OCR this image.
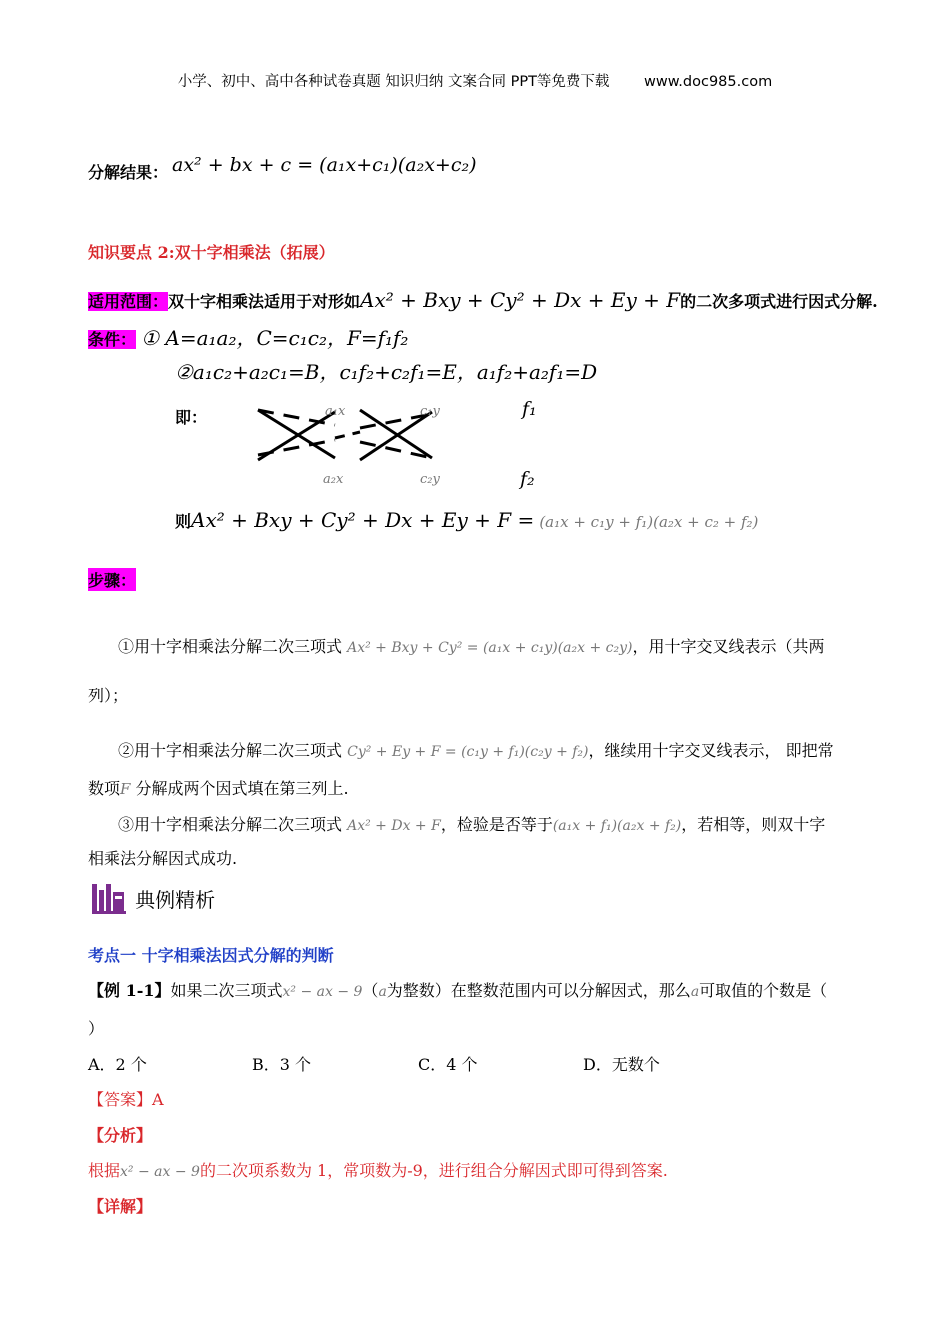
小学、初中、高中各种试卷真题 知识归纳 文案合同 PPT等免费下载 www.doc985.com
分解结果： ax² + bx + c = (a₁x+c₁)(a₂x+c₂)
知识要点 2:双十字相乘法（拓展）
适用范围：双十字相乘法适用于对形如Ax² + Bxy + Cy² + Dx + Ey + F的二次多项式进行因式分解.
条件： ① A=a₁a₂，C=c₁c₂，F=f₁f₂
②a₁c₂+a₂c₁=B，c₁f₂+c₂f₁=E，a₁f₂+a₂f₁=D
即：	a₁x	c₁y	f₁
a₂x	c₂y	f₂
则Ax² + Bxy + Cy² + Dx + Ey + F = (a₁x + c₁y + f₁)(a₂x + c₂ + f₂)
步骤：
①用十字相乘法分解二次三项式 Ax² + Bxy + Cy² = (a₁x + c₁y)(a₂x + c₂y)，用十字交叉线表示（共两
列）；
②用十字相乘法分解二次三项式 Cy² + Ey + F = (c₁y + f₁)(c₂y + f₂)，继续用十字交叉线表示， 即把常
数项F 分解成两个因式填在第三列上.
③用十字相乘法分解二次三项式 Ax² + Dx + F，检验是否等于(a₁x + f₁)(a₂x + f₂)，若相等，则双十字
相乘法分解因式成功.
典例精析
考点一 十字相乘法因式分解的判断
【例 1-1】如果二次三项式x² − ax − 9（a为整数）在整数范围内可以分解因式，那么a可取值的个数是（
）
A．2 个	B．3 个	C．4 个	D．无数个
【答案】A
【分析】
根据x² − ax − 9的二次项系数为 1，常项数为-9，进行组合分解因式即可得到答案.
【详解】
